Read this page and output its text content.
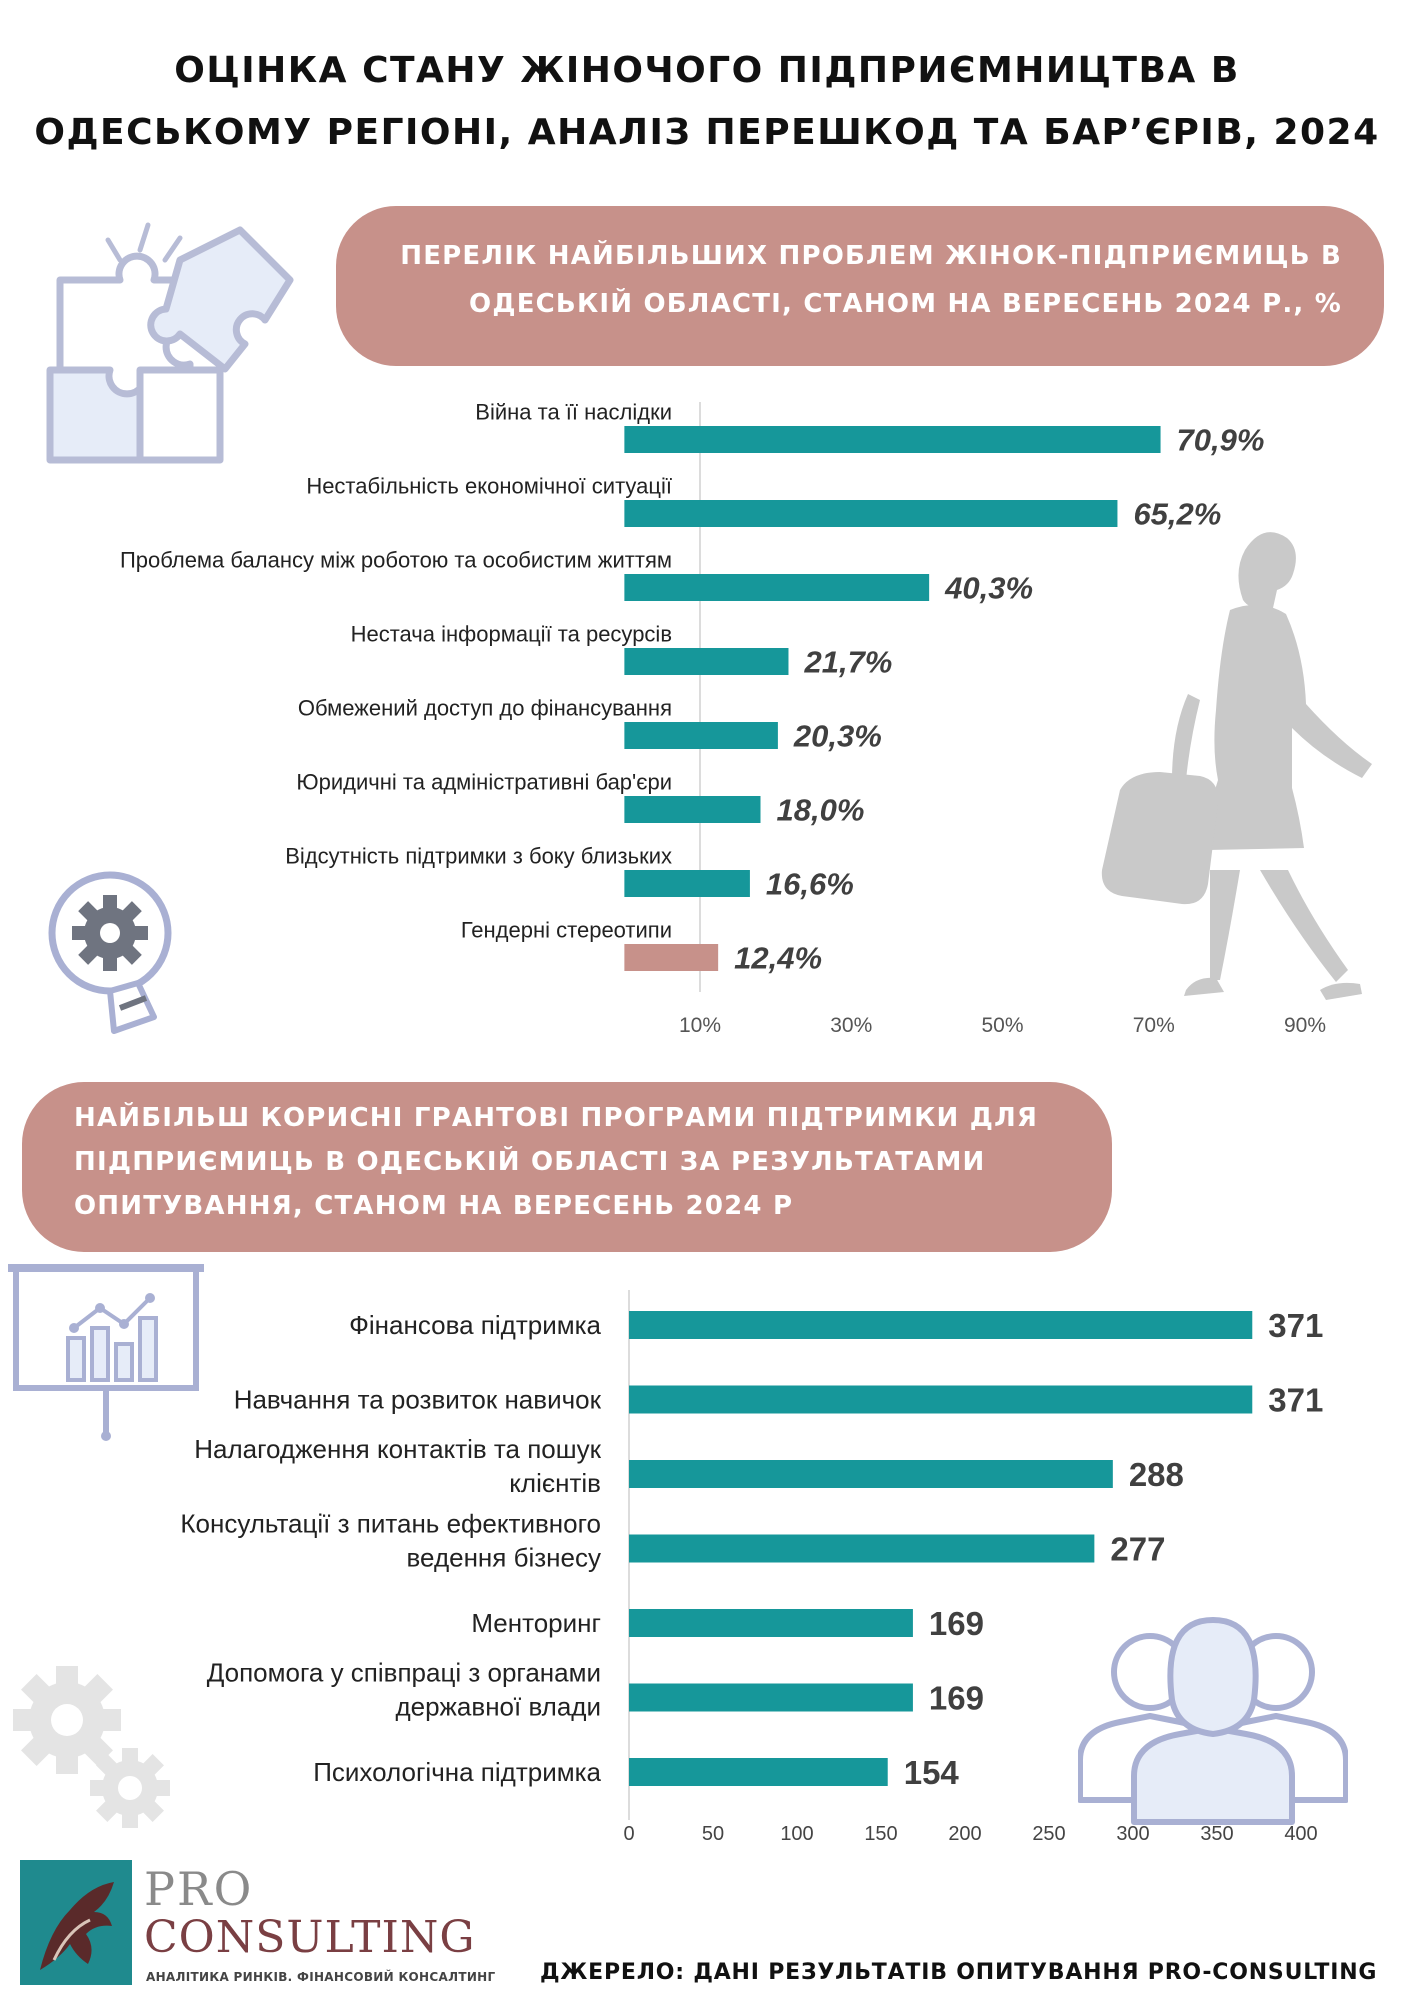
ОЦІНКА СТАНУ ЖІНОЧОГО ПІДПРИЄМНИЦТВА В
ОДЕСЬКОМУ РЕГІОНІ, АНАЛІЗ ПЕРЕШКОД ТА БАР’ЄРІВ, 2024
ПЕРЕЛІК НАЙБІЛЬШИХ ПРОБЛЕМ ЖІНОК-ПІДПРИЄМИЦЬ В
ОДЕСЬКІЙ ОБЛАСТІ, СТАНОМ НА ВЕРЕСЕНЬ 2024 Р., %
НАЙБІЛЬШ КОРИСНІ ГРАНТОВІ ПРОГРАМИ ПІДТРИМКИ ДЛЯ
ПІДПРИЄМИЦЬ В ОДЕСЬКІЙ ОБЛАСТІ ЗА РЕЗУЛЬТАТАМИ
ОПИТУВАННЯ, СТАНОМ НА ВЕРЕСЕНЬ 2024 Р
Війна та її наслідки
70,9%
Нестабільність економічної ситуації
65,2%
Проблема балансу між роботою та особистим життям
40,3%
Нестача інформації та ресурсів
21,7%
Обмежений доступ до фінансування
20,3%
Юридичні та адміністративні бар'єри
18,0%
Відсутність підтримки з боку близьких
16,6%
Гендерні стереотипи
12,4%
10%	30%	50%	70%	90%
Фінансова підтримка	371
Навчання та розвиток навичок	371
Налагодження контактів та пошук
клієнтів	288
Консультації з питань ефективного
ведення бізнесу	277
Менторинг	169
Допомога у співпраці з органами
державної влади	169
Психологічна підтримка	154
0	50	100	150	200	250	300	350	400
PRO
CONSULTING
АНАЛІТИКА РИНКІВ. ФІНАНСОВИЙ КОНСАЛТИНГ ДЖЕРЕЛО: ДАНІ РЕЗУЛЬТАТІВ ОПИТУВАННЯ PRO-CONSULTING
